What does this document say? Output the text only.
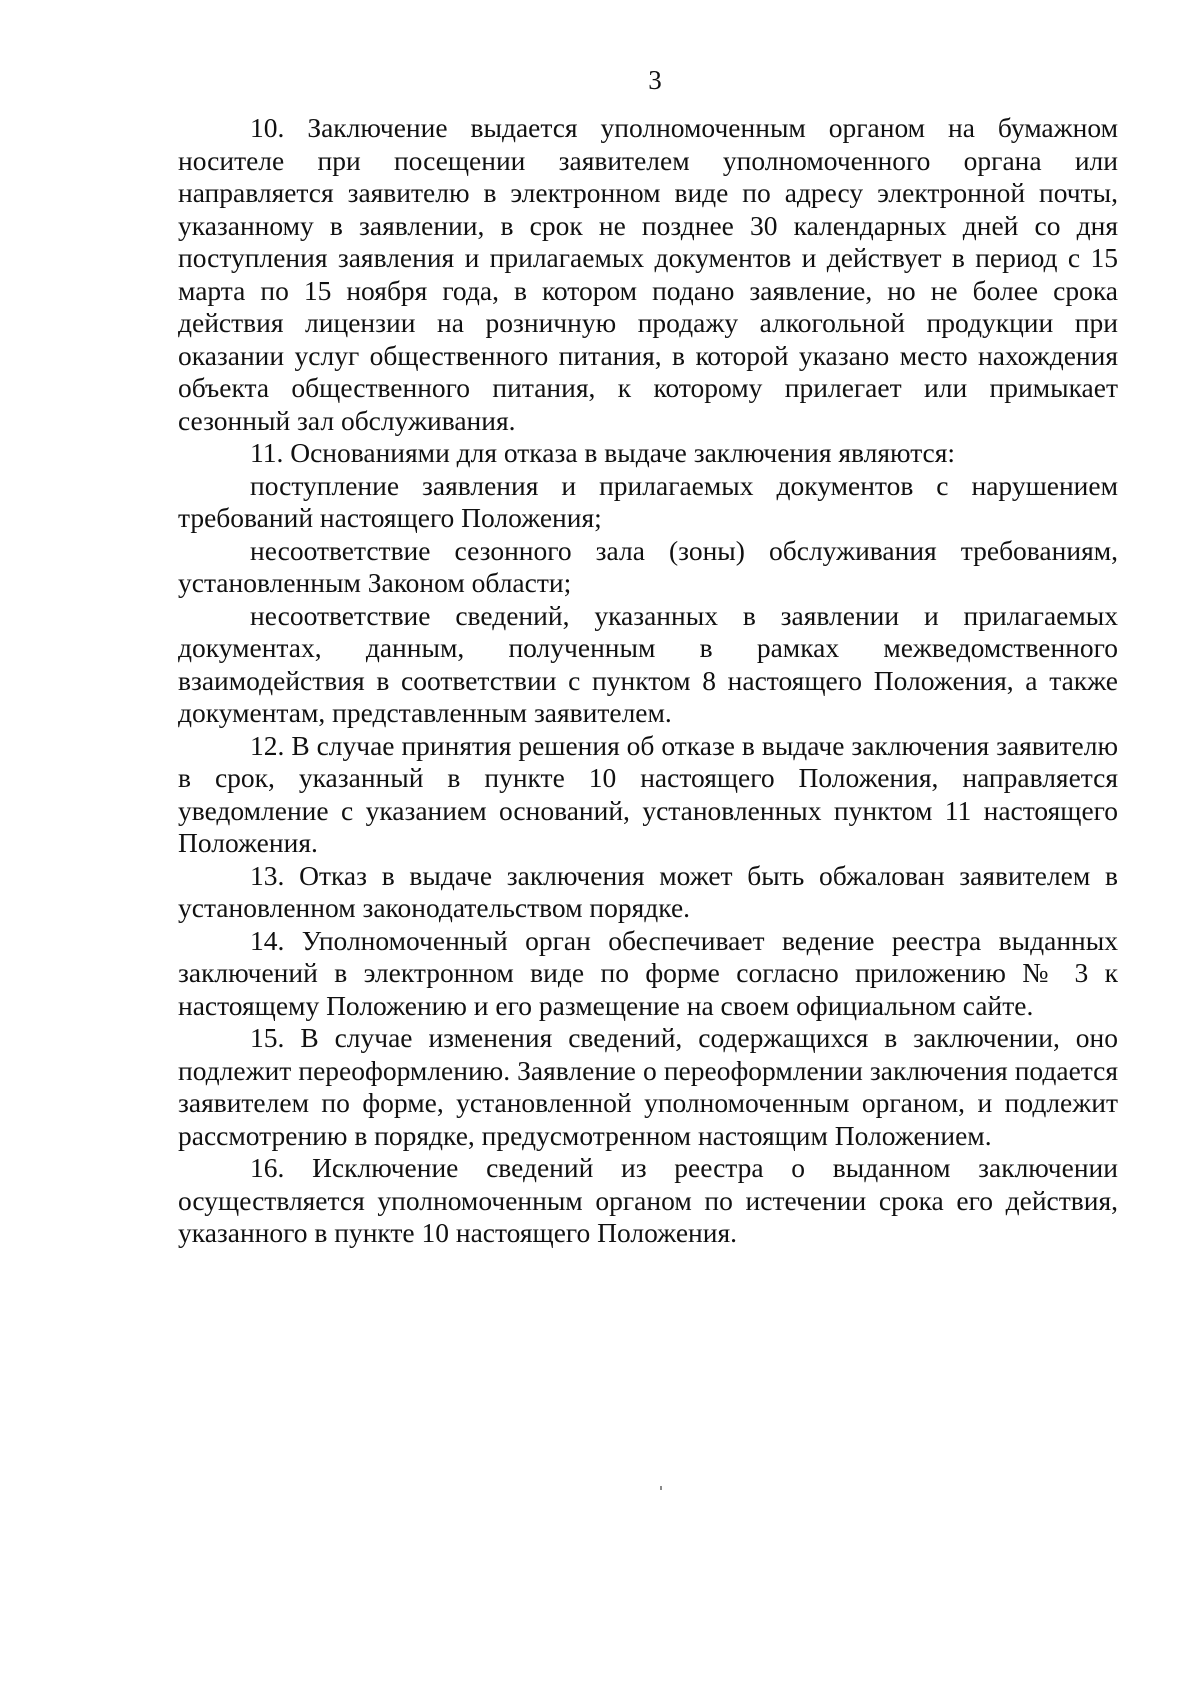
3

10. Заключение выдается уполномоченным органом на бумажном носителе при посещении заявителем уполномоченного органа или направляется заявителю в электронном виде по адресу электронной почты, указанному в заявлении, в срок не позднее 30 календарных дней со дня поступления заявления и прилагаемых документов и действует в период с 15 марта по 15 ноября года, в котором подано заявление, но не более срока действия лицензии на розничную продажу алкогольной продукции при оказании услуг общественного питания, в которой указано место нахождения объекта общественного питания, к которому прилегает или примыкает сезонный зал обслуживания.

11. Основаниями для отказа в выдаче заключения являются:

поступление заявления и прилагаемых документов с нарушением требований настоящего Положения;

несоответствие сезонного зала (зоны) обслуживания требованиям, установленным Законом области;

несоответствие сведений, указанных в заявлении и прилагаемых документах, данным, полученным в рамках межведомственного взаимодействия в соответствии с пунктом 8 настоящего Положения, а также документам, представленным заявителем.

12. В случае принятия решения об отказе в выдаче заключения заявителю в срок, указанный в пункте 10 настоящего Положения, направляется уведомление с указанием оснований, установленных пунктом 11 настоящего Положения.

13. Отказ в выдаче заключения может быть обжалован заявителем в установленном законодательством порядке.

14. Уполномоченный орган обеспечивает ведение реестра выданных заключений в электронном виде по форме согласно приложению № 3 к настоящему Положению и его размещение на своем официальном сайте.

15. В случае изменения сведений, содержащихся в заключении, оно подлежит переоформлению. Заявление о переоформлении заключения подается заявителем по форме, установленной уполномоченным органом, и подлежит рассмотрению в порядке, предусмотренном настоящим Положением.

16. Исключение сведений из реестра о выданном заключении осуществляется уполномоченным органом по истечении срока его действия, указанного в пункте 10 настоящего Положения.
